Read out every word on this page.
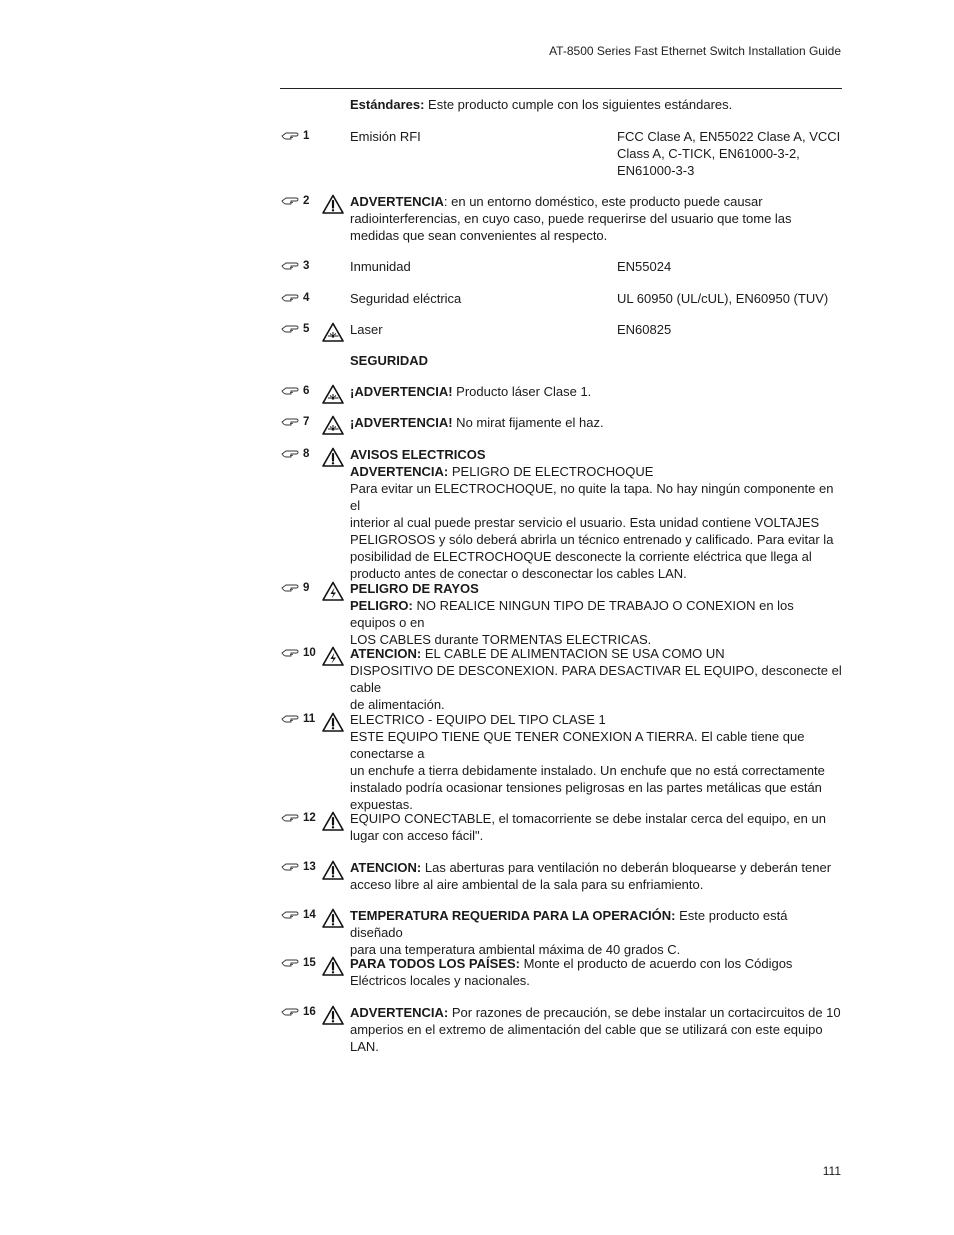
AT-8500 Series Fast Ethernet Switch Installation Guide
Estándares: Este producto cumple con los siguientes estándares.
1	Emisión RFI	FCC Clase A, EN55022 Clase A, VCCI
Class A, C-TICK, EN61000-3-2,
EN61000-3-3
2	ADVERTENCIA: en un entorno doméstico, este producto puede causar
radiointerferencias, en cuyo caso, puede requerirse del usuario que tome las
medidas que sean convenientes al respecto.
3	Inmunidad	EN55024
4	Seguridad eléctrica	UL 60950 (UL/cUL), EN60950 (TUV)
5	Laser	EN60825
SEGURIDAD
6	¡ADVERTENCIA! Producto láser Clase 1.
7	¡ADVERTENCIA! No mirat fijamente el haz.
8	AVISOS ELECTRICOS
ADVERTENCIA: PELIGRO DE ELECTROCHOQUE
Para evitar un ELECTROCHOQUE, no quite la tapa. No hay ningún componente en el
interior al cual puede prestar servicio el usuario. Esta unidad contiene VOLTAJES
PELIGROSOS y sólo deberá abrirla un técnico entrenado y calificado. Para evitar la
posibilidad de ELECTROCHOQUE desconecte la corriente eléctrica que llega al
producto antes de conectar o desconectar los cables LAN.
9	PELIGRO DE RAYOS
PELIGRO: NO REALICE NINGUN TIPO DE TRABAJO O CONEXION en los equipos o en
LOS CABLES durante TORMENTAS ELECTRICAS.
10	ATENCION: EL CABLE DE ALIMENTACION SE USA COMO UN
DISPOSITIVO DE DESCONEXION. PARA DESACTIVAR EL EQUIPO, desconecte el cable
de alimentación.
11	ELECTRICO - EQUIPO DEL TIPO CLASE 1
ESTE EQUIPO TIENE QUE TENER CONEXION A TIERRA. El cable tiene que conectarse a
un enchufe a tierra debidamente instalado. Un enchufe que no está correctamente
instalado podría ocasionar tensiones peligrosas en las partes metálicas que están
expuestas.
12	EQUIPO CONECTABLE, el tomacorriente se debe instalar cerca del equipo, en un
lugar con acceso fácil".
13	ATENCION: Las aberturas para ventilación no deberán bloquearse y deberán tener
acceso libre al aire ambiental de la sala para su enfriamiento.
14	TEMPERATURA REQUERIDA PARA LA OPERACIÓN: Este producto está diseñado
para una temperatura ambiental máxima de 40 grados C.
15	PARA TODOS LOS PAÍSES: Monte el producto de acuerdo con los Códigos
Eléctricos locales y nacionales.
16	ADVERTENCIA: Por razones de precaución, se debe instalar un cortacircuitos de 10
amperios en el extremo de alimentación del cable que se utilizará con este equipo
LAN.
111
